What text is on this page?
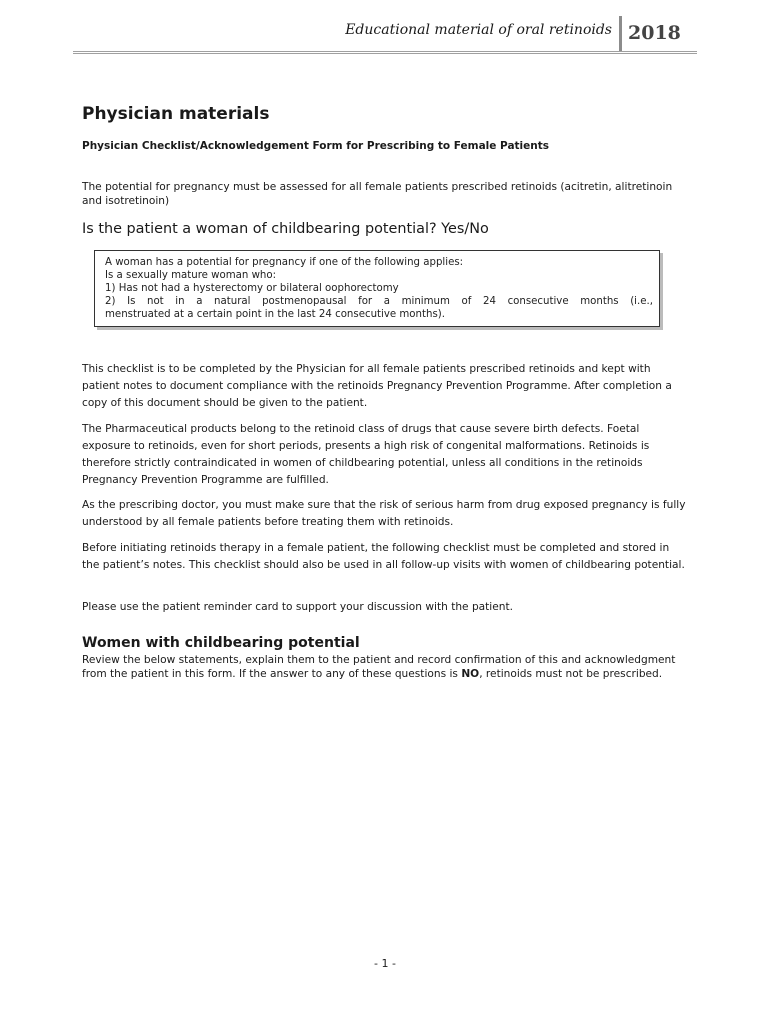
Educational material of oral retinoids 2018
Physician materials
Physician Checklist/Acknowledgement Form for Prescribing to Female Patients
The potential for pregnancy must be assessed for all female patients prescribed retinoids (acitretin, alitretinoin and isotretinoin)
Is the patient a woman of childbearing potential? Yes/No
A woman has a potential for pregnancy if one of the following applies:
Is a sexually mature woman who:
1) Has not had a hysterectomy or bilateral oophorectomy
2) Is not in a natural postmenopausal for a minimum of 24 consecutive months (i.e.,
menstruated at a certain point in the last 24 consecutive months).
This checklist is to be completed by the Physician for all female patients prescribed retinoids and kept with patient notes to document compliance with the retinoids Pregnancy Prevention Programme. After completion a copy of this document should be given to the patient.
The Pharmaceutical products belong to the retinoid class of drugs that cause severe birth defects. Foetal exposure to retinoids, even for short periods, presents a high risk of congenital malformations. Retinoids is therefore strictly contraindicated in women of childbearing potential, unless all conditions in the retinoids Pregnancy Prevention Programme are fulfilled.
As the prescribing doctor, you must make sure that the risk of serious harm from drug exposed pregnancy is fully understood by all female patients before treating them with retinoids.
Before initiating retinoids therapy in a female patient, the following checklist must be completed and stored in the patient’s notes. This checklist should also be used in all follow-up visits with women of childbearing potential.
Please use the patient reminder card to support your discussion with the patient.
Women with childbearing potential
Review the below statements, explain them to the patient and record confirmation of this and acknowledgment from the patient in this form. If the answer to any of these questions is NO, retinoids must not be prescribed.
- 1 -
